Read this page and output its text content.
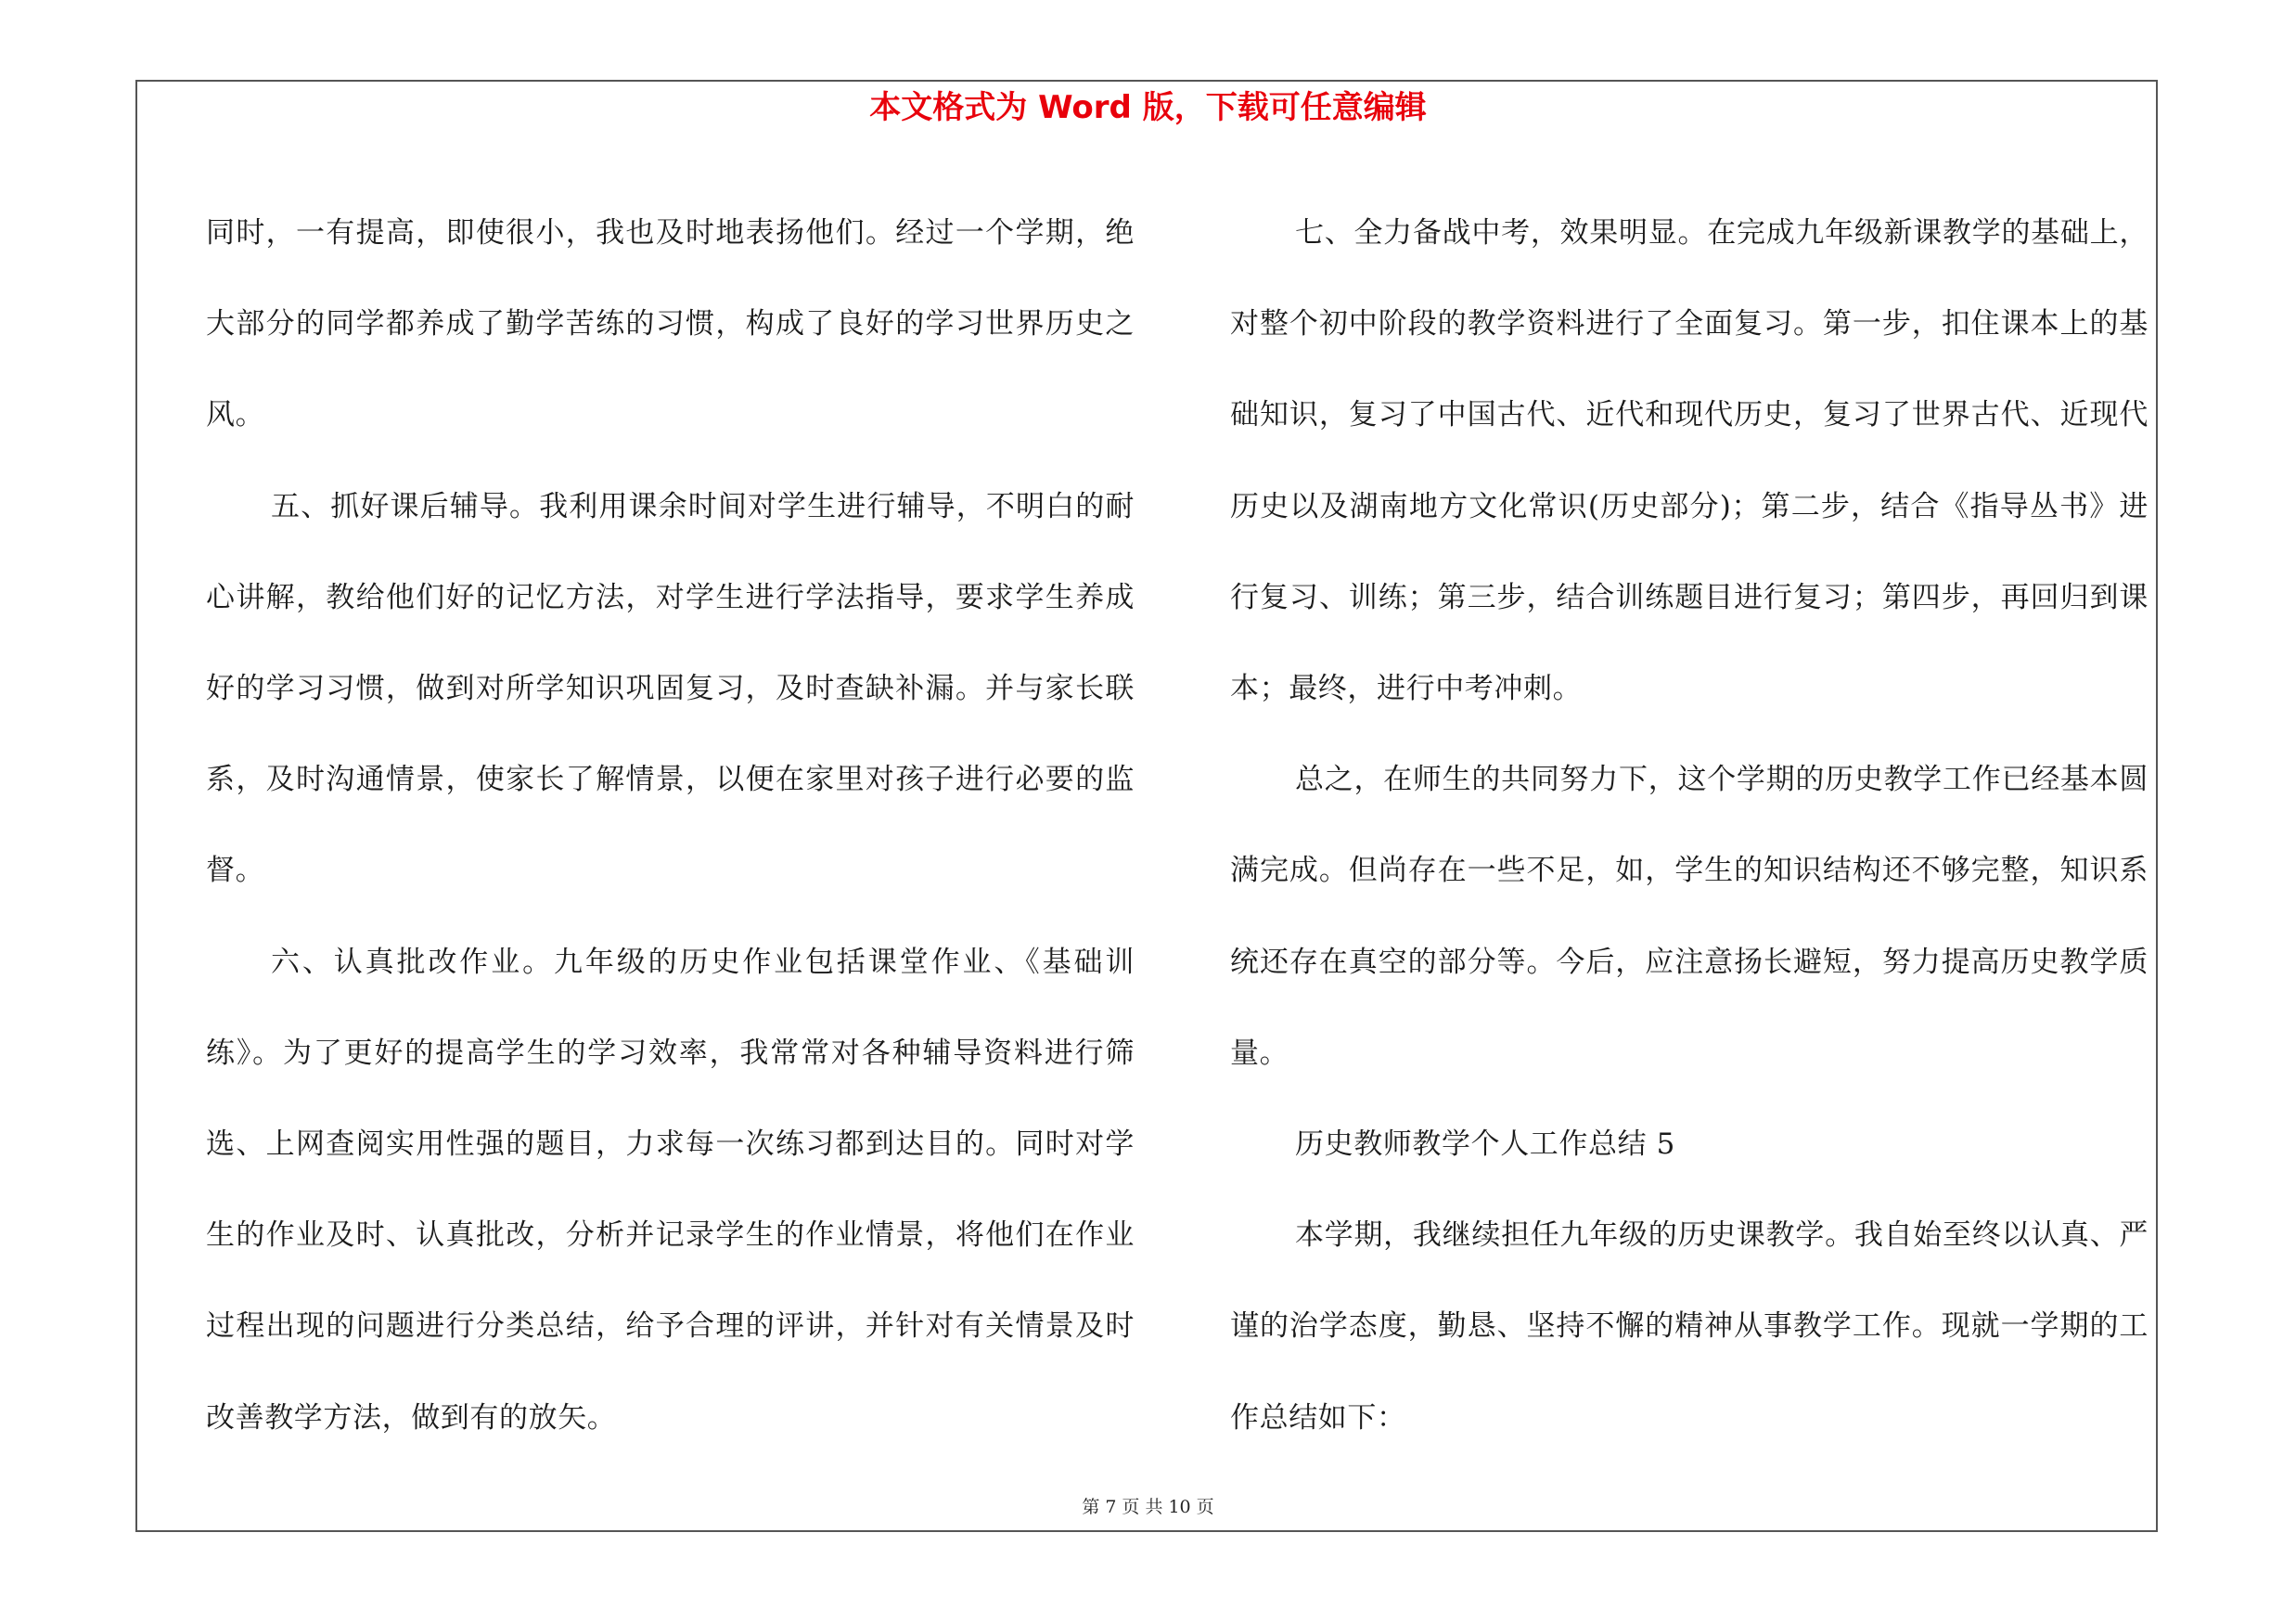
本文格式为 Word 版，下载可任意编辑

同时，一有提高，即使很小，我也及时地表扬他们。经过一个学期，绝大部分的同学都养成了勤学苦练的习惯，构成了良好的学习世界历史之风。

五、抓好课后辅导。我利用课余时间对学生进行辅导，不明白的耐心讲解，教给他们好的记忆方法，对学生进行学法指导，要求学生养成好的学习习惯，做到对所学知识巩固复习，及时查缺补漏。并与家长联系，及时沟通情景，使家长了解情景，以便在家里对孩子进行必要的监督。

六、认真批改作业。九年级的历史作业包括课堂作业、《基础训练》。为了更好的提高学生的学习效率，我常常对各种辅导资料进行筛选、上网查阅实用性强的题目，力求每一次练习都到达目的。同时对学生的作业及时、认真批改，分析并记录学生的作业情景，将他们在作业过程出现的问题进行分类总结，给予合理的评讲，并针对有关情景及时改善教学方法，做到有的放矢。

七、全力备战中考，效果明显。在完成九年级新课教学的基础上，对整个初中阶段的教学资料进行了全面复习。第一步，扣住课本上的基础知识，复习了中国古代、近代和现代历史，复习了世界古代、近现代历史以及湖南地方文化常识(历史部分)；第二步，结合《指导丛书》进行复习、训练；第三步，结合训练题目进行复习；第四步，再回归到课本；最终，进行中考冲刺。

总之，在师生的共同努力下，这个学期的历史教学工作已经基本圆满完成。但尚存在一些不足，如，学生的知识结构还不够完整，知识系统还存在真空的部分等。今后，应注意扬长避短，努力提高历史教学质量。

历史教师教学个人工作总结 5

本学期，我继续担任九年级的历史课教学。我自始至终以认真、严谨的治学态度，勤恳、坚持不懈的精神从事教学工作。现就一学期的工作总结如下：

第 7 页 共 10 页
